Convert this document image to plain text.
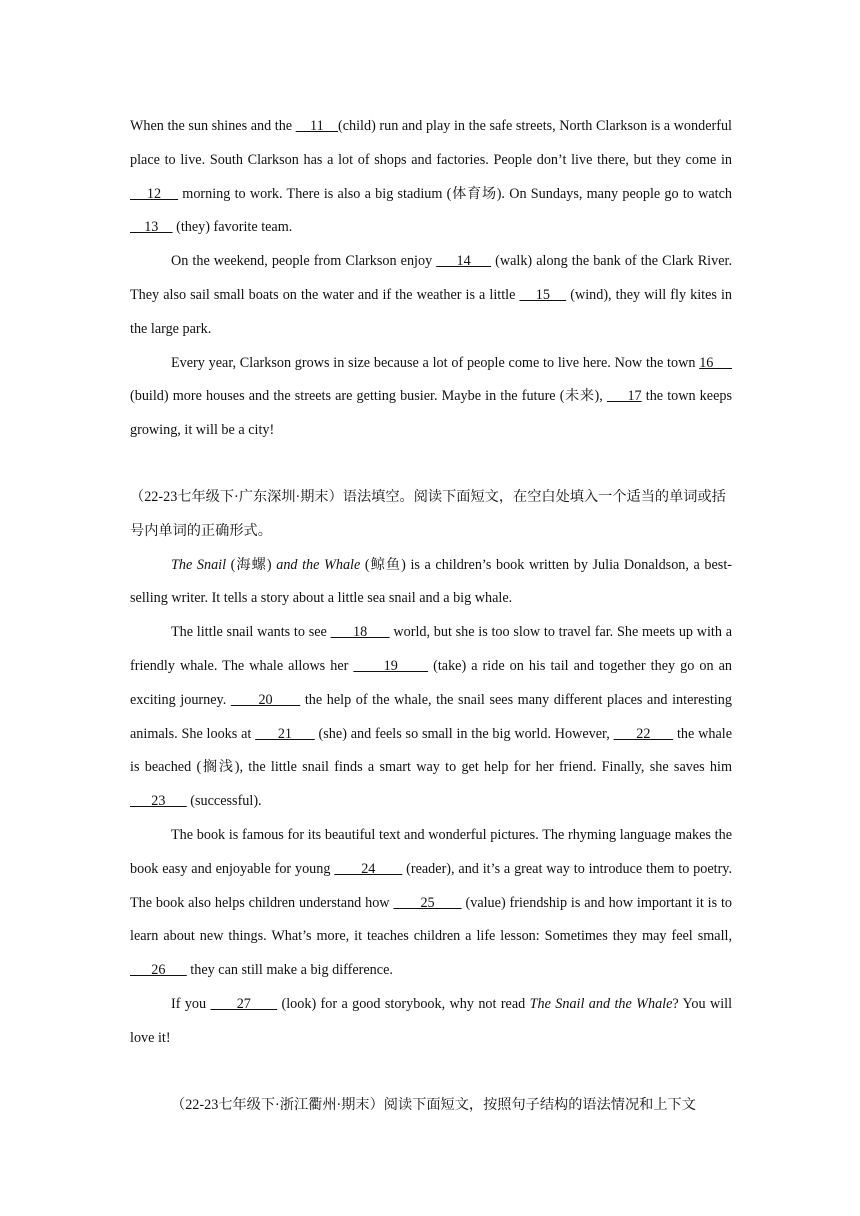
When the sun shines and the     11    (child) run and play in the safe streets, North Clarkson is a wonderful place to live. South Clarkson has a lot of shops and factories. People don’t live there, but they come in     12     morning to work. There is also a big stadium (体育场). On Sundays, many people go to watch     13     (they) favorite team.

On the weekend, people from Clarkson enjoy      14      (walk) along the bank of the Clark River. They also sail small boats on the water and if the weather is a little     15     (wind), they will fly kites in the large park.

Every year, Clarkson grows in size because a lot of people come to live here. Now the town 16      (build) more houses and the streets are getting busier. Maybe in the future (未来),      17 the town keeps growing, it will be a city!

（22-23七年级下·广东深圳·期末）语法填空。阅读下面短文，在空白处填入一个适当的单词或括号内单词的正确形式。

The Snail (海螺) and the Whale (鲸鱼) is a children’s book written by Julia Donaldson, a best-selling writer. It tells a story about a little sea snail and a big whale.

The little snail wants to see       18       world, but she is too slow to travel far. She meets up with a friendly whale. The whale allows her       19       (take) a ride on his tail and together they go on an exciting journey.       20       the help of the whale, the snail sees many different places and interesting animals. She looks at       21       (she) and feels so small in the big world. However,       22       the whale is beached (搁浅), the little snail finds a smart way to get help for her friend. Finally, she saves him       23       (successful).

The book is famous for its beautiful text and wonderful pictures. The rhyming language makes the book easy and enjoyable for young        24        (reader), and it’s a great way to introduce them to poetry. The book also helps children understand how        25        (value) friendship is and how important it is to learn about new things. What’s more, it teaches children a life lesson: Sometimes they may feel small,       26       they can still make a big difference.

If you       27       (look) for a good storybook, why not read The Snail and the Whale? You will love it!

（22-23七年级下·浙江衢州·期末）阅读下面短文，按照句子结构的语法情况和上下文
